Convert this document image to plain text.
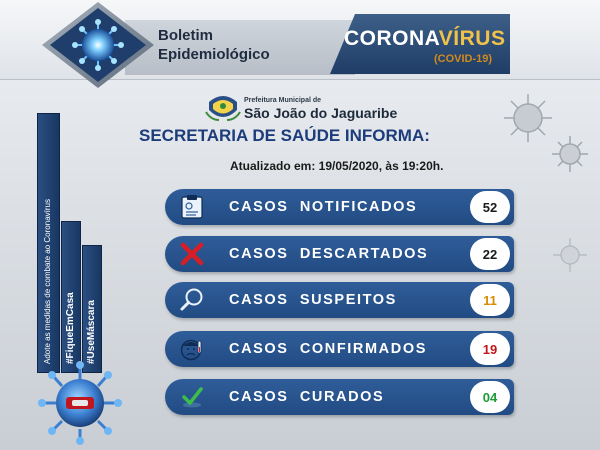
Boletim
Epidemiológico
CORONAVÍRUS
(COVID-19)
Prefeitura Municipal de
São João do Jaguaribe
SECRETARIA DE SAÚDE INFORMA:
Atualizado em: 19/05/2020, às 19:20h.
Adote as medidas de combate ao Coronavírus #FiqueEmCasa #UseMáscara
CASOS  NOTIFICADOS	52
CASOS  DESCARTADOS	22
CASOS  SUSPEITOS	11
CASOS  CONFIRMADOS	19
CASOS  CURADOS	04
